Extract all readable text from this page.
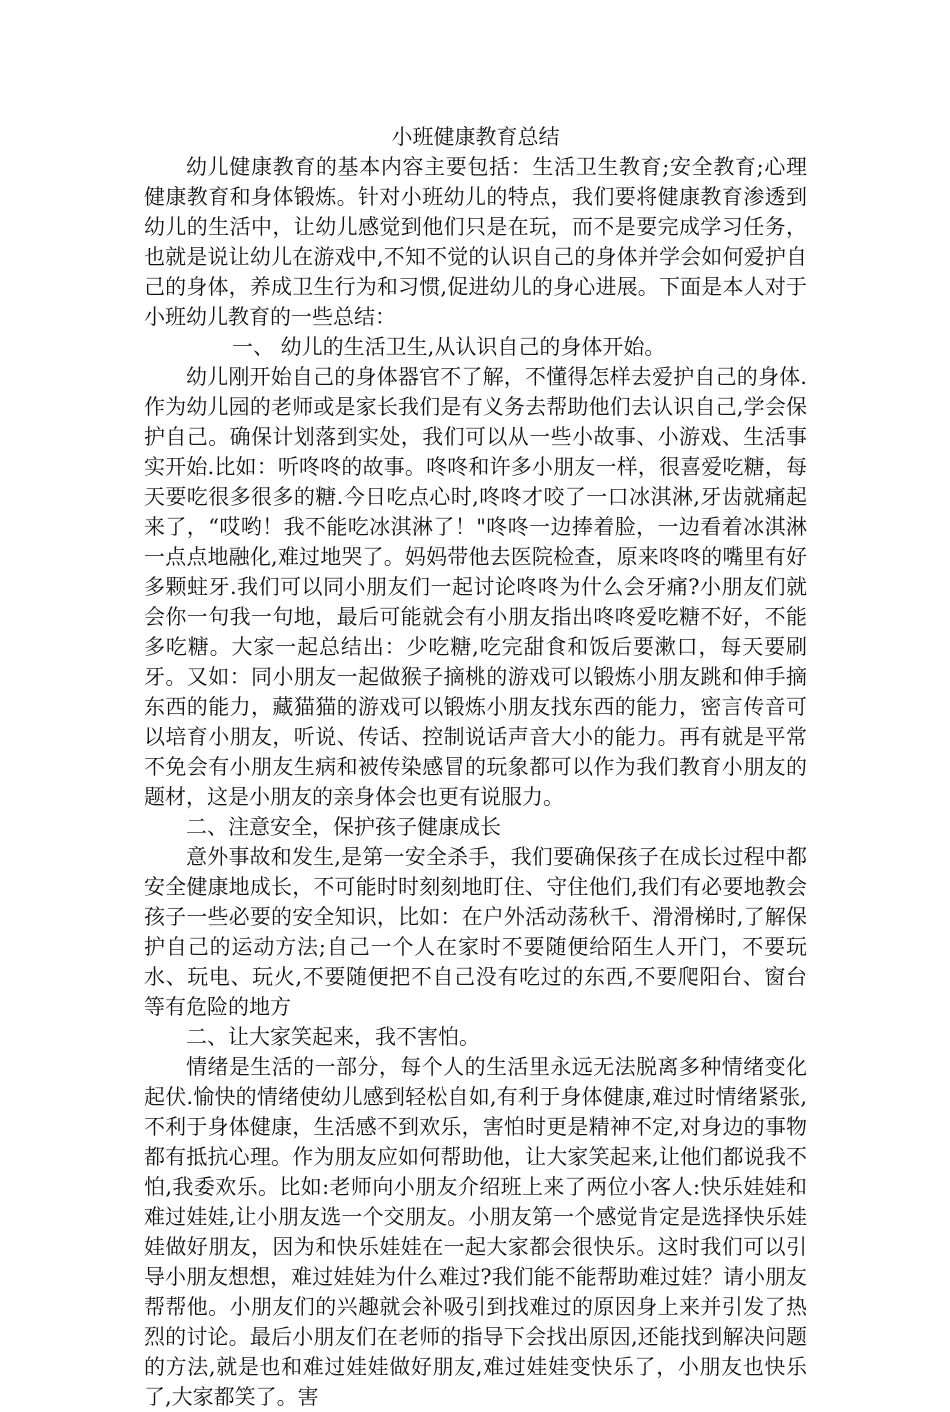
小班健康教育总结

幼儿健康教育的基本内容主要包括：生活卫生教育;安全教育;心理健康教育和身体锻炼。针对小班幼儿的特点，我们要将健康教育渗透到幼儿的生活中，让幼儿感觉到他们只是在玩，而不是要完成学习任务，也就是说让幼儿在游戏中,不知不觉的认识自己的身体并学会如何爱护自己的身体，养成卫生行为和习惯,促进幼儿的身心进展。下面是本人对于小班幼儿教育的一些总结：

一、 幼儿的生活卫生,从认识自己的身体开始。

幼儿刚开始自己的身体器官不了解，不懂得怎样去爱护自己的身体.作为幼儿园的老师或是家长我们是有义务去帮助他们去认识自己,学会保护自己。确保计划落到实处，我们可以从一些小故事、小游戏、生活事实开始.比如：听咚咚的故事。咚咚和许多小朋友一样，很喜爱吃糖，每天要吃很多很多的糖.今日吃点心时,咚咚才咬了一口冰淇淋,牙齿就痛起来了，“哎哟！我不能吃冰淇淋了！"咚咚一边捧着脸，一边看着冰淇淋一点点地融化,难过地哭了。妈妈带他去医院检查，原来咚咚的嘴里有好多颗蛀牙.我们可以同小朋友们一起讨论咚咚为什么会牙痛?小朋友们就会你一句我一句地，最后可能就会有小朋友指出咚咚爱吃糖不好，不能多吃糖。大家一起总结出：少吃糖,吃完甜食和饭后要漱口，每天要刷牙。又如：同小朋友一起做猴子摘桃的游戏可以锻炼小朋友跳和伸手摘东西的能力，藏猫猫的游戏可以锻炼小朋友找东西的能力，密言传音可以培育小朋友，听说、传话、控制说话声音大小的能力。再有就是平常不免会有小朋友生病和被传染感冒的玩象都可以作为我们教育小朋友的题材，这是小朋友的亲身体会也更有说服力。

二、注意安全，保护孩子健康成长

意外事故和发生,是第一安全杀手，我们要确保孩子在成长过程中都安全健康地成长，不可能时时刻刻地盯住、守住他们,我们有必要地教会孩子一些必要的安全知识，比如：在户外活动荡秋千、滑滑梯时,了解保护自己的运动方法;自己一个人在家时不要随便给陌生人开门，不要玩水、玩电、玩火,不要随便把不自己没有吃过的东西,不要爬阳台、窗台等有危险的地方

二、让大家笑起来，我不害怕。

情绪是生活的一部分，每个人的生活里永远无法脱离多种情绪变化起伏.愉快的情绪使幼儿感到轻松自如,有利于身体健康,难过时情绪紧张,不利于身体健康，生活感不到欢乐，害怕时更是精神不定,对身边的事物都有抵抗心理。作为朋友应如何帮助他，让大家笑起来,让他们都说我不怕,我委欢乐。比如:老师向小朋友介绍班上来了两位小客人:快乐娃娃和难过娃娃,让小朋友选一个交朋友。小朋友第一个感觉肯定是选择快乐娃娃做好朋友，因为和快乐娃娃在一起大家都会很快乐。这时我们可以引导小朋友想想，难过娃娃为什么难过?我们能不能帮助难过娃？请小朋友帮帮他。小朋友们的兴趣就会补吸引到找难过的原因身上来并引发了热烈的讨论。最后小朋友们在老师的指导下会找出原因,还能找到解决问题的方法,就是也和难过娃娃做好朋友,难过娃娃变快乐了，小朋友也快乐了,大家都笑了。害
